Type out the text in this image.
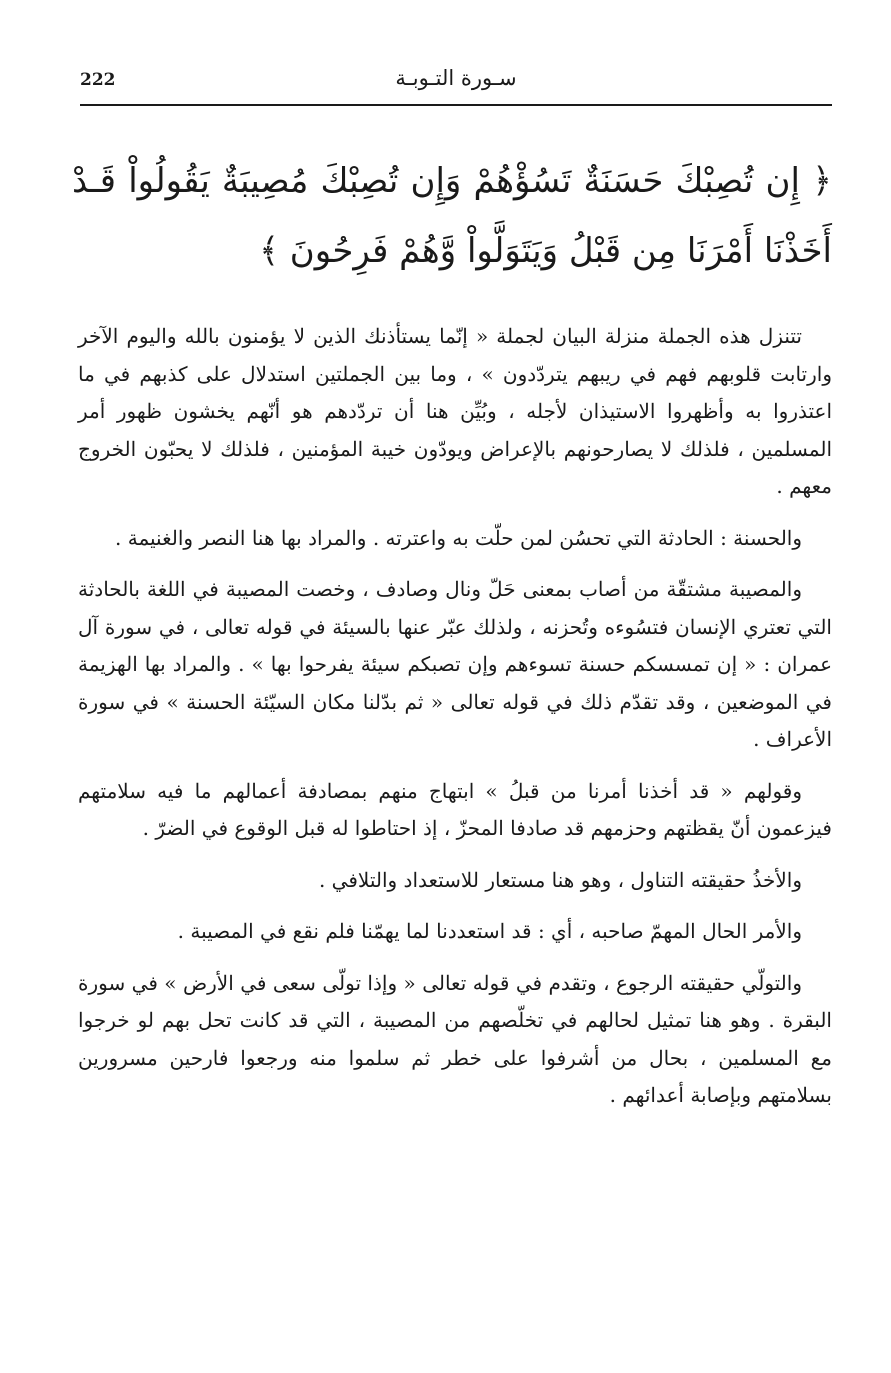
222	سـورة التـوبـة
﴿ إِن تُصِبْكَ حَسَنَةٌ تَسُؤْهُمْ وَإِن تُصِبْكَ مُصِيبَةٌ يَقُولُواْ قَـدْ
أَخَذْنَا أَمْرَنَا مِن قَبْلُ وَيَتَوَلَّواْ وَّهُمْ فَرِحُونَ ﴾

تتنزل هذه الجملة منزلة البيان لجملة « إنّما يستأذنك الذين لا يؤمنون بالله واليوم الآخر وارتابت قلوبهم فهم في ريبهم يتردّدون » ، وما بين الجملتين استدلال على كذبهم في ما اعتذروا به وأظهروا الاستيذان لأجله ، وبُيِّن هنا أن تردّدهم هو أنّهم يخشون ظهور أمر المسلمين ، فلذلك لا يصارحونهم بالإعراض ويودّون خيبة المؤمنين ، فلذلك لا يحبّون الخروج معهم .

والحسنة : الحادثة التي تحسُن لمن حلّت به واعترته . والمراد بها هنا النصر والغنيمة .

والمصيبة مشتقّة من أصاب بمعنى حَلّ ونال وصادف ، وخصت المصيبة في اللغة بالحادثة التي تعتري الإنسان فتسُوءه وتُحزنه ، ولذلك عبّر عنها بالسيئة في قوله تعالى ، في سورة آل عمران : « إن تمسسكم حسنة تسوءهم وإن تصبكم سيئة يفرحوا بها » . والمراد بها الهزيمة في الموضعين ، وقد تقدّم ذلك في قوله تعالى « ثم بدّلنا مكان السيّئة الحسنة » في سورة الأعراف .

وقولهم « قد أخذنا أمرنا من قبلُ » ابتهاج منهم بمصادفة أعمالهم ما فيه سلامتهم فيزعمون أنّ يقظتهم وحزمهم قد صادفا المحزّ ، إذ احتاطوا له قبل الوقوع في الضرّ .

والأخذُ حقيقته التناول ، وهو هنا مستعار للاستعداد والتلافي .

والأمر الحال المهمّ صاحبه ، أي : قد استعددنا لما يهمّنا فلم نقع في المصيبة .

والتولّي حقيقته الرجوع ، وتقدم في قوله تعالى « وإذا تولّى سعى في الأرض » في سورة البقرة . وهو هنا تمثيل لحالهم في تخلّصهم من المصيبة ، التي قد كانت تحل بهم لو خرجوا مع المسلمين ، بحال من أشرفوا على خطر ثم سلموا منه ورجعوا فارحين مسرورين بسلامتهم وبإصابة أعدائهم .
